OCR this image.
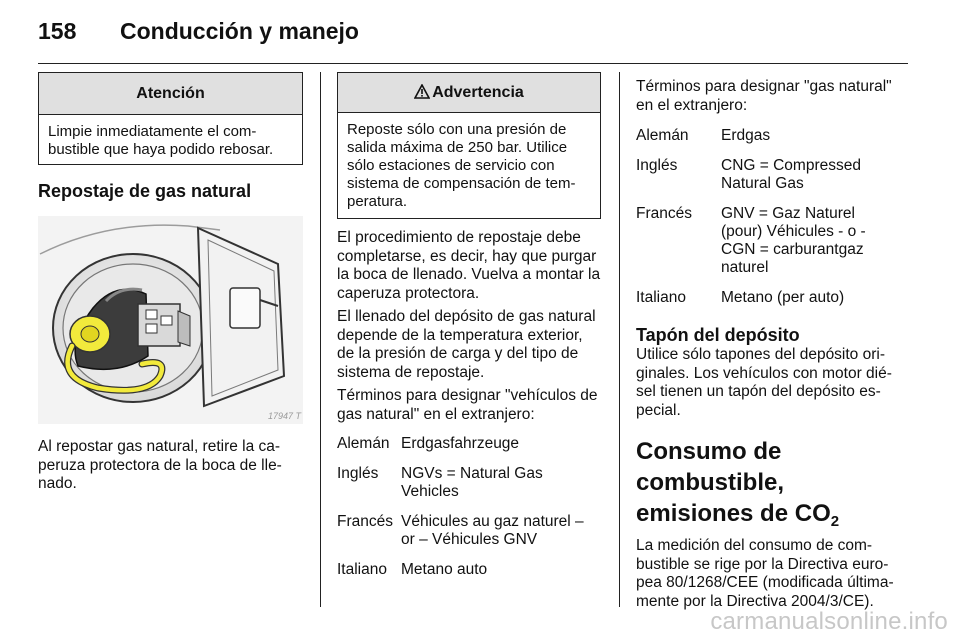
158 Conducción y manejo
Atención
Limpie inmediatamente el com-bustible que haya podido rebosar.
Repostaje de gas natural
17947 T

Al repostar gas natural, retire la ca-peruza protectora de la boca de lle-nado.

Advertencia
Reposte sólo con una presión de salida máxima de 250 bar. Utilice sólo estaciones de servicio con sistema de compensación de tem-peratura.

El procedimiento de repostaje debe completarse, es decir, hay que purgar la boca de llenado. Vuelva a montar la caperuza protectora.

El llenado del depósito de gas natural depende de la temperatura exterior, de la presión de carga y del tipo de sistema de repostaje.

Términos para designar "vehículos de gas natural" en el extranjero:

Alemán	Erdgasfahrzeuge
Inglés	NGVs = Natural Gas Vehicles
Francés	Véhicules au gaz naturel – or – Véhicules GNV
Italiano	Metano auto

Términos para designar "gas natural" en el extranjero:

Alemán	Erdgas
Inglés	CNG = Compressed Natural Gas
Francés	GNV = Gaz Naturel (pour) Véhicules - o - CGN = carburantgaz naturel
Italiano	Metano (per auto)
Tapón del depósito

Utilice sólo tapones del depósito ori-ginales. Los vehículos con motor dié-sel tienen un tapón del depósito es-pecial.

Consumo de combustible, emisiones de $CO_2$

La medición del consumo de com-bustible se rige por la Directiva euro-pea 80/1268/CEE (modificada última-mente por la Directiva 2004/3/CE).

carmanualsonline.info
